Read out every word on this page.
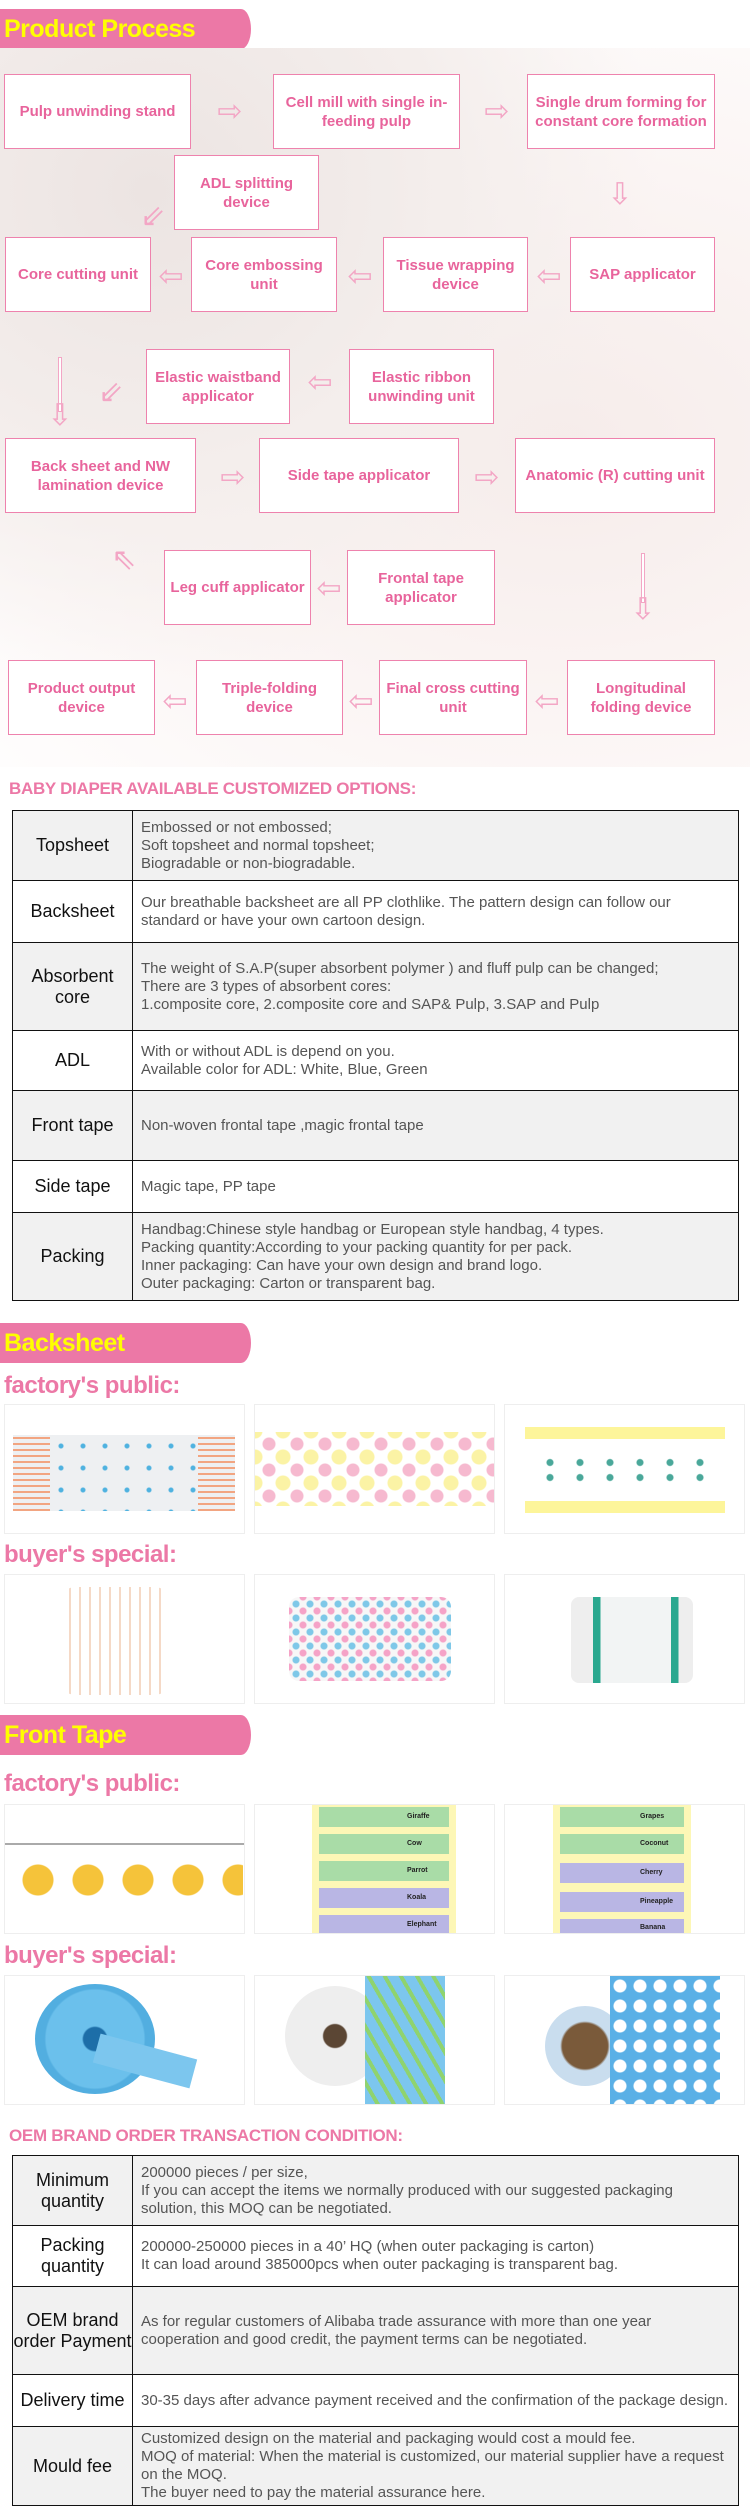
Product Process
Pulp unwinding stand
Cell mill with single in-feeding pulp
Single drum forming for constant core formation
ADL splitting device
Core cutting unit
Core embossing unit
Tissue wrapping device
SAP applicator
Elastic waistband applicator
Elastic ribbon unwinding unit
Back sheet and NW lamination device
Side tape applicator	Anatomic (R) cutting unit
Leg cuff applicator
Frontal tape applicator
Product output device
Triple-folding device
Final cross cutting unit
Longitudinal folding device
⇨	⇨
⇩
⇙
⇦	⇦	⇦
⇩
⇙	⇦
⇨	⇨
⇖
⇦
⇩
⇦	⇦	⇦
BABY DIAPER AVAILABLE CUSTOMIZED OPTIONS:
Topsheet	Embossed or not embossed;
Soft topsheet and normal topsheet;
Biogradable or non-biogradable.
Backsheet	Our breathable backsheet are all PP clothlike. The pattern design can follow our standard or have your own cartoon design.
Absorbent core	The weight of S.A.P(super absorbent polymer ) and fluff pulp can be changed;
There are 3 types of absorbent cores:
1.composite core, 2.composite core and SAP& Pulp, 3.SAP and Pulp
ADL	With or without ADL is depend on you.
Available color for ADL: White, Blue, Green
Front tape	Non-woven frontal tape ,magic frontal tape
Side tape	Magic tape, PP tape
Packing	Handbag:Chinese style handbag or European style handbag, 4 types.
Packing quantity:According to your packing quantity for per pack.
Inner packaging: Can have your own design and brand logo.
Outer packaging: Carton or transparent bag.
Backsheet
factory's public:
buyer's special:
Front Tape
factory's public:
Giraffe
Cow
Parrot
Koala
Elephant
Grapes
Coconut
Cherry
Pineapple
Banana
buyer's special:
OEM BRAND ORDER TRANSACTION CONDITION:
Minimum quantity	200000 pieces / per size,
If you can accept the items we normally produced with our suggested packaging solution, this MOQ can be negotiated.
Packing quantity	200000-250000 pieces in a 40’ HQ (when outer packaging is carton)
It can load around 385000pcs when outer packaging is transparent bag.
OEM brand order Payment	As for regular customers of Alibaba trade assurance with more than one year cooperation and good credit, the payment terms can be negotiated.
Delivery time	30-35 days after advance payment received and the confirmation of the package design.
Mould fee	Customized design on the material and packaging would cost a mould fee.
MOQ of material: When the material is customized, our material supplier have a request on the MOQ.
The buyer need to pay the material assurance here.
